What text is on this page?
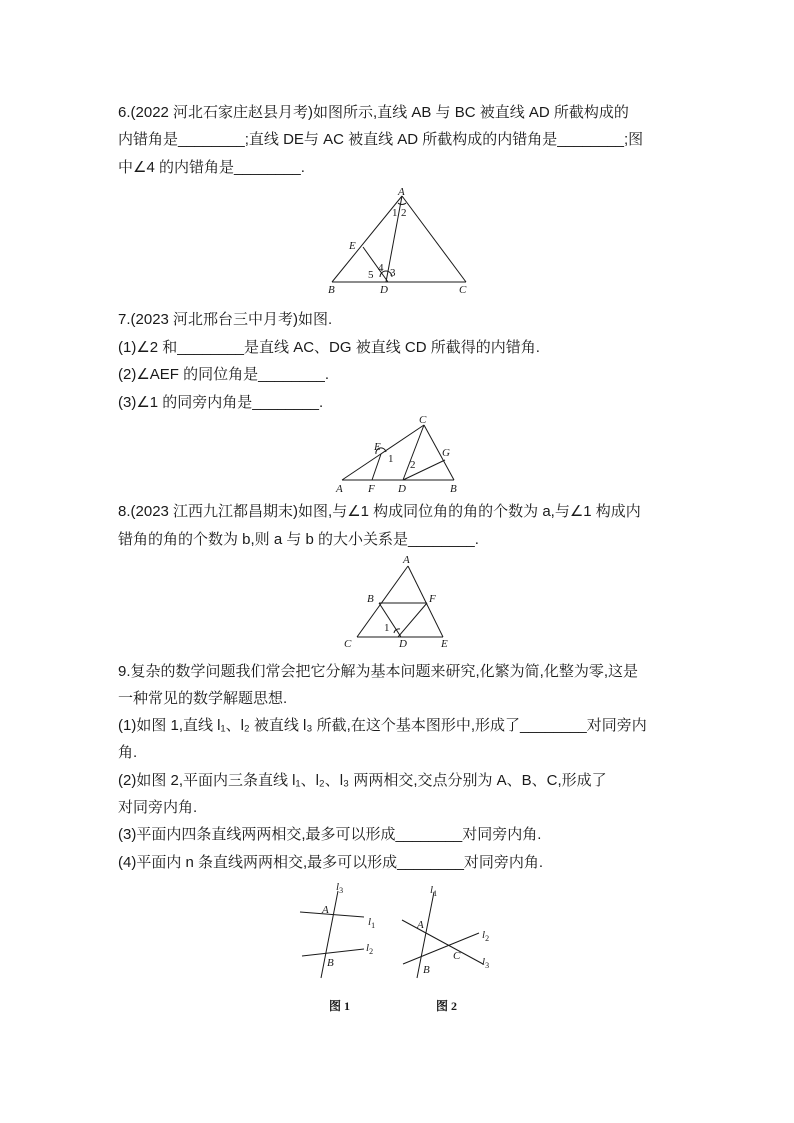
6.(2022 河北石家庄赵县月考)如图所示,直线 AB 与 BC 被直线 AD 所截构成的
内错角是________;直线 DE与 AC 被直线 AD 所截构成的内错角是________;图
中∠4 的内错角是________.
A
1 2
E
4
5 3
B	D	C
7.(2023 河北邢台三中月考)如图.
(1)∠2 和________是直线 AC、DG 被直线 CD 所截得的内错角.
(2)∠AEF 的同位角是________.
(3)∠1 的同旁内角是________.
C
E
1	G
2
A F D	B
8.(2023 江西九江都昌期末)如图,与∠1 构成同位角的角的个数为 a,与∠1 构成内
错角的角的个数为 b,则 a 与 b 的大小关系是________.
A
B	F
1
C	D	E
9.复杂的数学问题我们常会把它分解为基本问题来研究,化繁为简,化整为零,这是
一种常见的数学解题思想.
(1)如图 1,直线 l₁、l₂ 被直线 l₃ 所截,在这个基本图形中,形成了________对同旁内
角.
(2)如图 2,平面内三条直线 l₁、l₂、l₃ 两两相交,交点分别为 A、B、C,形成了
对同旁内角.
(3)平面内四条直线两两相交,最多可以形成________对同旁内角.
(4)平面内 n 条直线两两相交,最多可以形成________对同旁内角.
$l_3$
A
$l_1$
$l_2$
B
$l_1$
A
$l_2$
C $l_3$
B
图 1	图 2
